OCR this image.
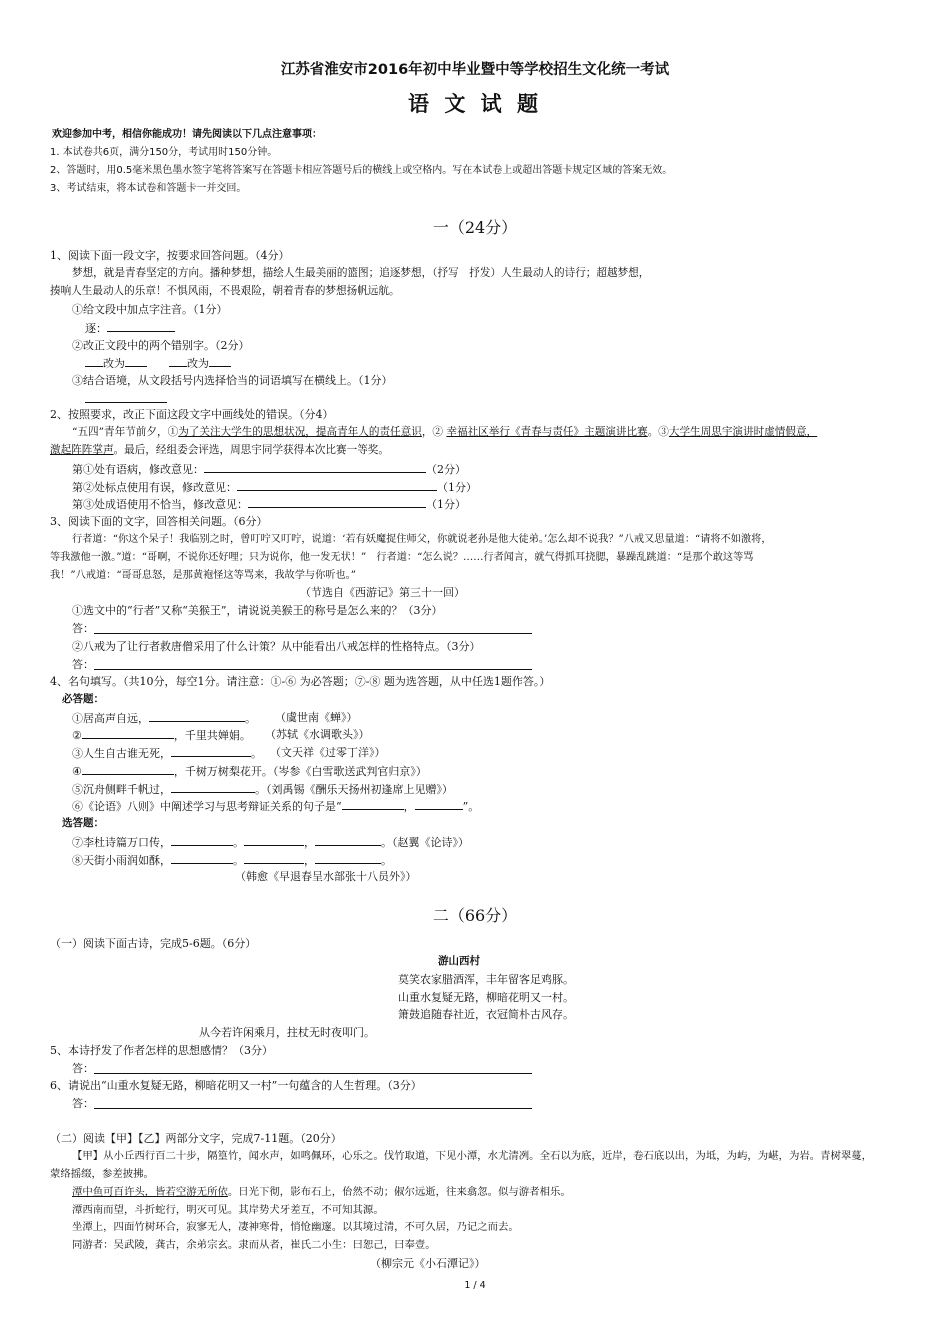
江苏省淮安市2016年初中毕业暨中等学校招生文化统一考试
语 文 试 题
欢迎参加中考，相信你能成功！请先阅读以下几点注意事项：
1. 本试卷共6页，满分150分，考试用时150分钟。
2、答题时，用0.5毫米黑色墨水签字笔将答案写在答题卡相应答题号后的横线上或空格内。写在本试卷上或超出答题卡规定区域的答案无效。
3、考试结束，将本试卷和答题卡一并交回。
一（24分）
1、阅读下面一段文字，按要求回答问题。（4分）
梦想，就是青春坚定的方向。播种梦想，描绘人生最美丽的篮图；追逐梦想，（抒写　抒发）人生最动人的诗行；超越梦想，
揍响人生最动人的乐章！不惧风雨，不畏艰险，朝着青春的梦想扬帆远航。
①给文段中加点字注音。（1分）
逐：
②改正文段中的两个错别字。（2分）
改为	改为
③结合语境，从文段括号内选择恰当的词语填写在横线上。（1分）
2、按照要求，改正下面这段文字中画线处的错误。（分4）
“五四”青年节前夕，①为了关注大学生的思想状况，提高青年人的责任意识，② 幸福社区举行《青春与责任》主题演讲比赛。③大学生周思宇演讲时虚情假意，
激起阵阵掌声。最后，经组委会评选，周思宇同学获得本次比赛一等奖。
第①处有语病，修改意见：	（2分）
第②处标点使用有误，修改意见：	（1分）
第③处成语使用不恰当，修改意见：	（1分）
3、阅读下面的文字，回答相关问题。（6分）
行者道：“你这个呆子！我临别之时，曾叮咛又叮咛，说道：‘若有妖魔捉住师父，你就说老孙是他大徒弟。’怎么却不说我？”八戒又思量道：“请将不如激将，
等我激他一激。”道：“哥啊，不说你还好哩；只为说你，他一发无状！”　行者道：“怎么说？……行者闻言，就气得抓耳挠腮，暴躁乱跳道：“是那个敢这等骂
我！”八戒道：“哥哥息怒，是那黄袍怪这等骂来，我故学与你听也。”
（节选自《西游记》第三十一回）
①选文中的“行者”又称“美猴王”，请说说美猴王的称号是怎么来的？（3分）
答：
②八戒为了让行者救唐僧采用了什么计策？从中能看出八戒怎样的性格特点。（3分）
答：
4、名句填写。（共10分，每空1分。请注意：①-⑥ 为必答题；⑦-⑧ 题为选答题，从中任选1题作答。）
必答题：
①居高声自远，	。 （虞世南《蝉》）
②	，千里共婵娟。 （苏轼《水调歌头》）
③人生自古谁无死，	。 （文天祥《过零丁洋》）
④	，千树万树梨花开。（岑参《白雪歌送武判官归京》）
⑤沉舟侧畔千帆过，	。（刘禹锡《酬乐天扬州初逢席上见赠》）
⑥《论语》八则》中阐述学习与思考辩证关系的句子是“	，	”。
选答题：
⑦李杜诗篇万口传，	。	，	。（赵翼《论诗》）
⑧天街小雨润如酥，	。	，	。
（韩愈《早退春呈水部张十八员外》）
二（66分）
（一）阅读下面古诗，完成5-6题。（6分）
游山西村
莫笑农家腊酒浑，丰年留客足鸡豚。
山重水复疑无路，柳暗花明又一村。
箫鼓追随春社近，衣冠简朴古风存。
从今若许闲乘月，拄杖无时夜叩门。
5、本诗抒发了作者怎样的思想感情？（3分）
答：
6、请说出“山重水复疑无路，柳暗花明又一村”一句蕴含的人生哲理。（3分）
答：
（二）阅读【甲】【乙】两部分文字，完成7-11题。（20分）
【甲】从小丘西行百二十步，隔篁竹，闻水声，如鸣佩环，心乐之。伐竹取道，下见小潭，水尤清冽。全石以为底，近岸，卷石底以出，为坻，为屿，为嵁，为岩。青树翠蔓，
蒙络摇缀，参差披拂。
潭中鱼可百许头，皆若空游无所依。日光下彻，影布石上，佁然不动；俶尔远逝，往来翕忽。似与游者相乐。
潭西南而望，斗折蛇行，明灭可见。其岸势犬牙差互，不可知其源。
坐潭上，四面竹树环合，寂寥无人，凄神寒骨，悄怆幽邃。以其境过清，不可久居，乃记之而去。
同游者：吴武陵，龚古，余弟宗玄。隶而从者，崔氏二小生：曰恕己，曰奉壹。
（柳宗元《小石潭记》）
1 / 4
